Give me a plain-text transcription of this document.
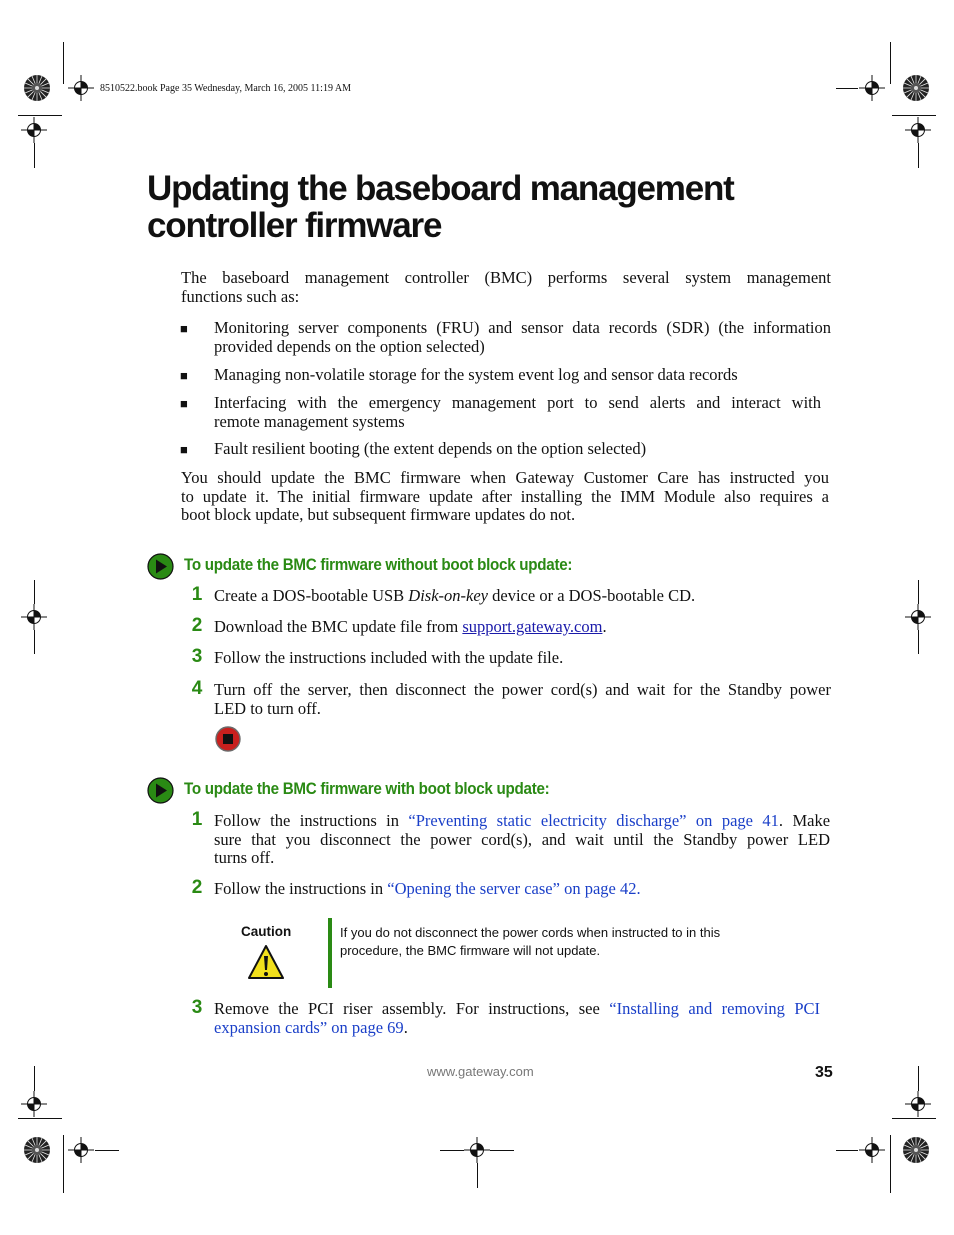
8510522.book Page 35 Wednesday, March 16, 2005 11:19 AM
Updating the baseboard management
controller firmware
The baseboard management controller (BMC) performs several system management
functions such as:
■ Monitoring server components (FRU) and sensor data records (SDR) (the information
provided depends on the option selected)
■ Managing non-volatile storage for the system event log and sensor data records
■ Interfacing with the emergency management port to send alerts and interact with
remote management systems
■ Fault resilient booting (the extent depends on the option selected)
You should update the BMC firmware when Gateway Customer Care has instructed you
to update it. The initial firmware update after installing the IMM Module also requires a
boot block update, but subsequent firmware updates do not.
To update the BMC firmware without boot block update:
1 Create a DOS-bootable USB Disk-on-key device or a DOS-bootable CD.
2 Download the BMC update file from support.gateway.com.
3 Follow the instructions included with the update file.
4 Turn off the server, then disconnect the power cord(s) and wait for the Standby power
LED to turn off.
To update the BMC firmware with boot block update:
1 Follow the instructions in “Preventing static electricity discharge” on page 41. Make
sure that you disconnect the power cord(s), and wait until the Standby power LED
turns off.
2 Follow the instructions in “Opening the server case” on page 42.
Caution	If you do not disconnect the power cords when instructed to in this
procedure, the BMC firmware will not update.
3 Remove the PCI riser assembly. For instructions, see “Installing and removing PCI
expansion cards” on page 69.
www.gateway.com	35
